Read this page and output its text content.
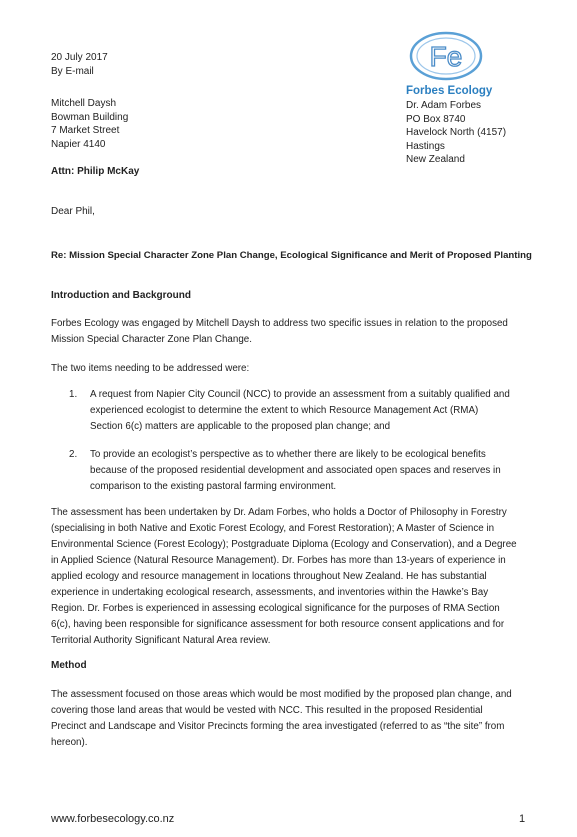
Fe
Forbes Ecology
Dr. Adam Forbes
PO Box 8740
Havelock North (4157)
Hastings
New Zealand
20 July 2017
By E-mail
Mitchell Daysh
Bowman Building
7 Market Street
Napier 4140
Attn: Philip McKay
Dear Phil,
Re: Mission Special Character Zone Plan Change, Ecological Significance and Merit of Proposed Planting
Introduction and Background
Forbes Ecology was engaged by Mitchell Daysh to address two specific issues in relation to the proposed
Mission Special Character Zone Plan Change.
The two items needing to be addressed were:
1. A request from Napier City Council (NCC) to provide an assessment from a suitably qualified and
experienced ecologist to determine the extent to which Resource Management Act (RMA)
Section 6(c) matters are applicable to the proposed plan change; and
2. To provide an ecologist’s perspective as to whether there are likely to be ecological benefits
because of the proposed residential development and associated open spaces and reserves in
comparison to the existing pastoral farming environment.
The assessment has been undertaken by Dr. Adam Forbes, who holds a Doctor of Philosophy in Forestry
(specialising in both Native and Exotic Forest Ecology, and Forest Restoration); A Master of Science in
Environmental Science (Forest Ecology); Postgraduate Diploma (Ecology and Conservation), and a Degree
in Applied Science (Natural Resource Management). Dr. Forbes has more than 13-years of experience in
applied ecology and resource management in locations throughout New Zealand. He has substantial
experience in undertaking ecological research, assessments, and inventories within the Hawke’s Bay
Region. Dr. Forbes is experienced in assessing ecological significance for the purposes of RMA Section
6(c), having been responsible for significance assessment for both resource consent applications and for
Territorial Authority Significant Natural Area review.
Method
The assessment focused on those areas which would be most modified by the proposed plan change, and
covering those land areas that would be vested with NCC. This resulted in the proposed Residential
Precinct and Landscape and Visitor Precincts forming the area investigated (referred to as “the site” from
hereon).
www.forbesecology.co.nz	1
